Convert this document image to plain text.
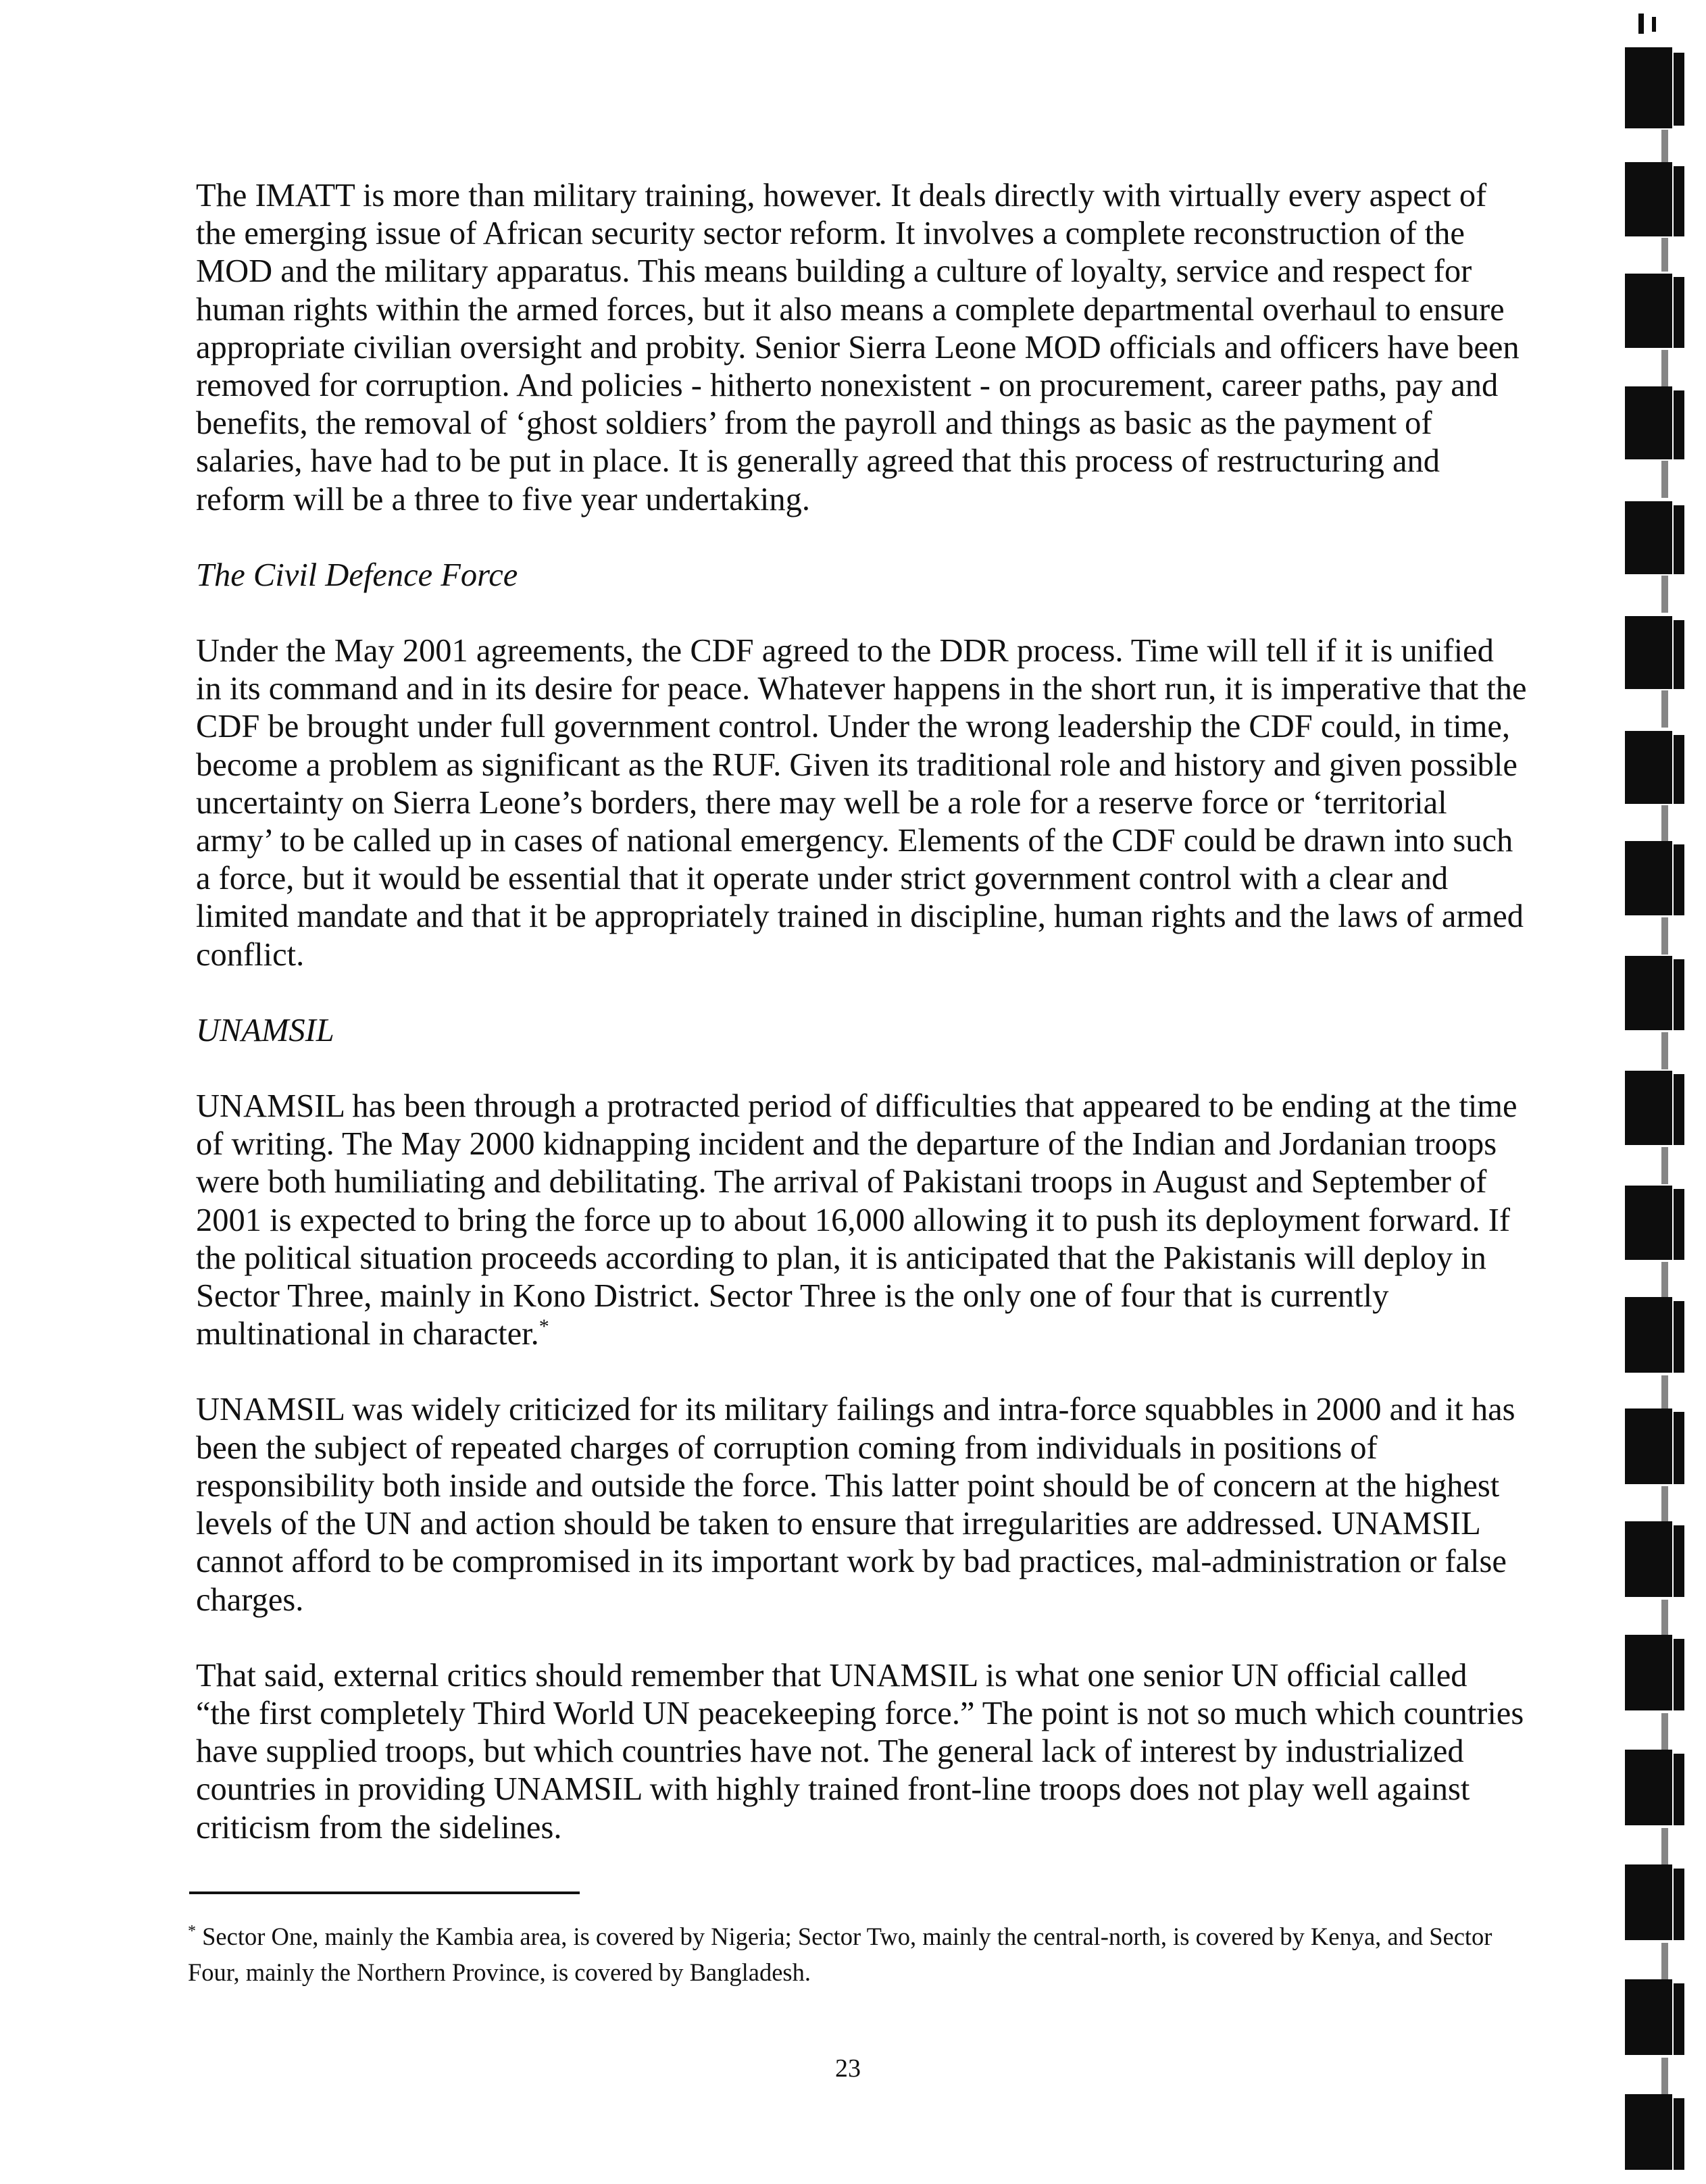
The IMATT is more than military training, however. It deals directly with virtually every aspect of the emerging issue of African security sector reform. It involves a complete reconstruction of the MOD and the military apparatus. This means building a culture of loyalty, service and respect for human rights within the armed forces, but it also means a complete departmental overhaul to ensure appropriate civilian oversight and probity. Senior Sierra Leone MOD officials and officers have been removed for corruption. And policies - hitherto nonexistent - on procurement, career paths, pay and benefits, the removal of ‘ghost soldiers’ from the payroll and things as basic as the payment of salaries, have had to be put in place. It is generally agreed that this process of restructuring and reform will be a three to five year undertaking.

The Civil Defence Force

Under the May 2001 agreements, the CDF agreed to the DDR process. Time will tell if it is unified in its command and in its desire for peace. Whatever happens in the short run, it is imperative that the CDF be brought under full government control. Under the wrong leadership the CDF could, in time, become a problem as significant as the RUF. Given its traditional role and history and given possible uncertainty on Sierra Leone’s borders, there may well be a role for a reserve force or ‘territorial army’ to be called up in cases of national emergency. Elements of the CDF could be drawn into such a force, but it would be essential that it operate under strict government control with a clear and limited mandate and that it be appropriately trained in discipline, human rights and the laws of armed conflict.

UNAMSIL

UNAMSIL has been through a protracted period of difficulties that appeared to be ending at the time of writing. The May 2000 kidnapping incident and the departure of the Indian and Jordanian troops were both humiliating and debilitating. The arrival of Pakistani troops in August and September of 2001 is expected to bring the force up to about 16,000 allowing it to push its deployment forward. If the political situation proceeds according to plan, it is anticipated that the Pakistanis will deploy in Sector Three, mainly in Kono District. Sector Three is the only one of four that is currently multinational in character.*

UNAMSIL was widely criticized for its military failings and intra-force squabbles in 2000 and it has been the subject of repeated charges of corruption coming from individuals in positions of responsibility both inside and outside the force. This latter point should be of concern at the highest levels of the UN and action should be taken to ensure that irregularities are addressed. UNAMSIL cannot afford to be compromised in its important work by bad practices, mal-administration or false charges.

That said, external critics should remember that UNAMSIL is what one senior UN official called “the first completely Third World UN peacekeeping force.” The point is not so much which countries have supplied troops, but which countries have not. The general lack of interest by industrialized countries in providing UNAMSIL with highly trained front-line troops does not play well against criticism from the sidelines.

* Sector One, mainly the Kambia area, is covered by Nigeria; Sector Two, mainly the central-north, is covered by Kenya, and Sector Four, mainly the Northern Province, is covered by Bangladesh.

23
